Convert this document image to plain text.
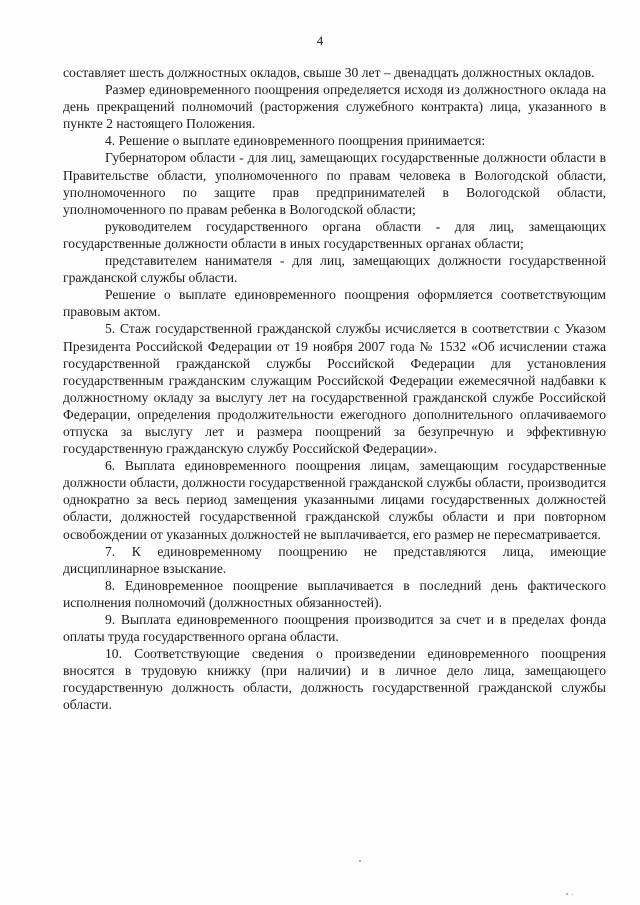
4

составляет шесть должностных окладов, свыше 30 лет – двенадцать должностных окладов.

Размер единовременного поощрения определяется исходя из должностного оклада на день прекращений полномочий (расторжения служебного контракта) лица, указанного в пункте 2 настоящего Положения.

4. Решение о выплате единовременного поощрения принимается:

Губернатором области - для лиц, замещающих государственные должности области в Правительстве области, уполномоченного по правам человека в Вологодской области, уполномоченного по защите прав предпринимателей в Вологодской области, уполномоченного по правам ребенка в Вологодской области;

руководителем государственного органа области - для лиц, замещающих государственные должности области в иных государственных органах области;

представителем нанимателя - для лиц, замещающих должности государственной гражданской службы области.

Решение о выплате единовременного поощрения оформляется соответствующим правовым актом.

5. Стаж государственной гражданской службы исчисляется в соответствии с Указом Президента Российской Федерации от 19 ноября 2007 года № 1532 «Об исчислении стажа государственной гражданской службы Российской Федерации для установления государственным гражданским служащим Российской Федерации ежемесячной надбавки к должностному окладу за выслугу лет на государственной гражданской службе Российской Федерации, определения продолжительности ежегодного дополнительного оплачиваемого отпуска за выслугу лет и размера поощрений за безупречную и эффективную государственную гражданскую службу Российской Федерации».

6. Выплата единовременного поощрения лицам, замещающим государственные должности области, должности государственной гражданской службы области, производится однократно за весь период замещения указанными лицами государственных должностей области, должностей государственной гражданской службы области и при повторном освобождении от указанных должностей не выплачивается, его размер не пересматривается.

7. К единовременному поощрению не представляются лица, имеющие дисциплинарное взыскание.

8. Единовременное поощрение выплачивается в последний день фактического исполнения полномочий (должностных обязанностей).

9. Выплата единовременного поощрения производится за счет и в пределах фонда оплаты труда государственного органа области.

10. Соответствующие сведения о произведении единовременного поощрения вносятся в трудовую книжку (при наличии) и в личное дело лица, замещающего государственную должность области, должность государственной гражданской службы области.
